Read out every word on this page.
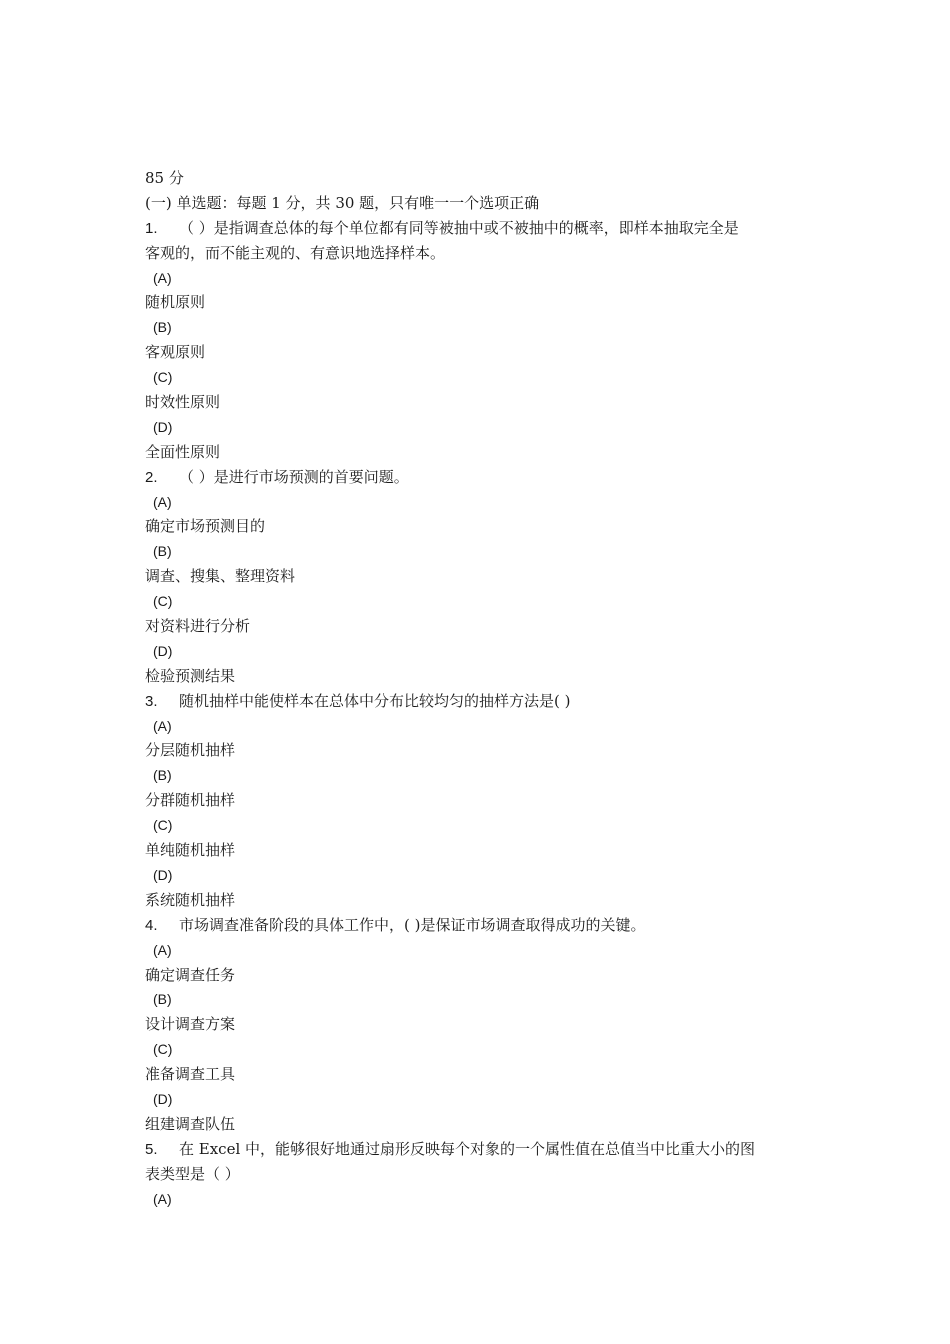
85 分
(一) 单选题：每题 1 分，共 30 题，只有唯一一个选项正确
1. （ ）是指调查总体的每个单位都有同等被抽中或不被抽中的概率，即样本抽取完全是
客观的，而不能主观的、有意识地选择样本。
(A)
随机原则
(B)
客观原则
(C)
时效性原则
(D)
全面性原则
2. （ ）是进行市场预测的首要问题。
(A)
确定市场预测目的
(B)
调查、搜集、整理资料
(C)
对资料进行分析
(D)
检验预测结果
3. 随机抽样中能使样本在总体中分布比较均匀的抽样方法是( )
(A)
分层随机抽样
(B)
分群随机抽样
(C)
单纯随机抽样
(D)
系统随机抽样
4. 市场调查准备阶段的具体工作中，( )是保证市场调查取得成功的关键。
(A)
确定调查任务
(B)
设计调查方案
(C)
准备调查工具
(D)
组建调查队伍
5. 在 Excel 中，能够很好地通过扇形反映每个对象的一个属性值在总值当中比重大小的图
表类型是（ ）
(A)
